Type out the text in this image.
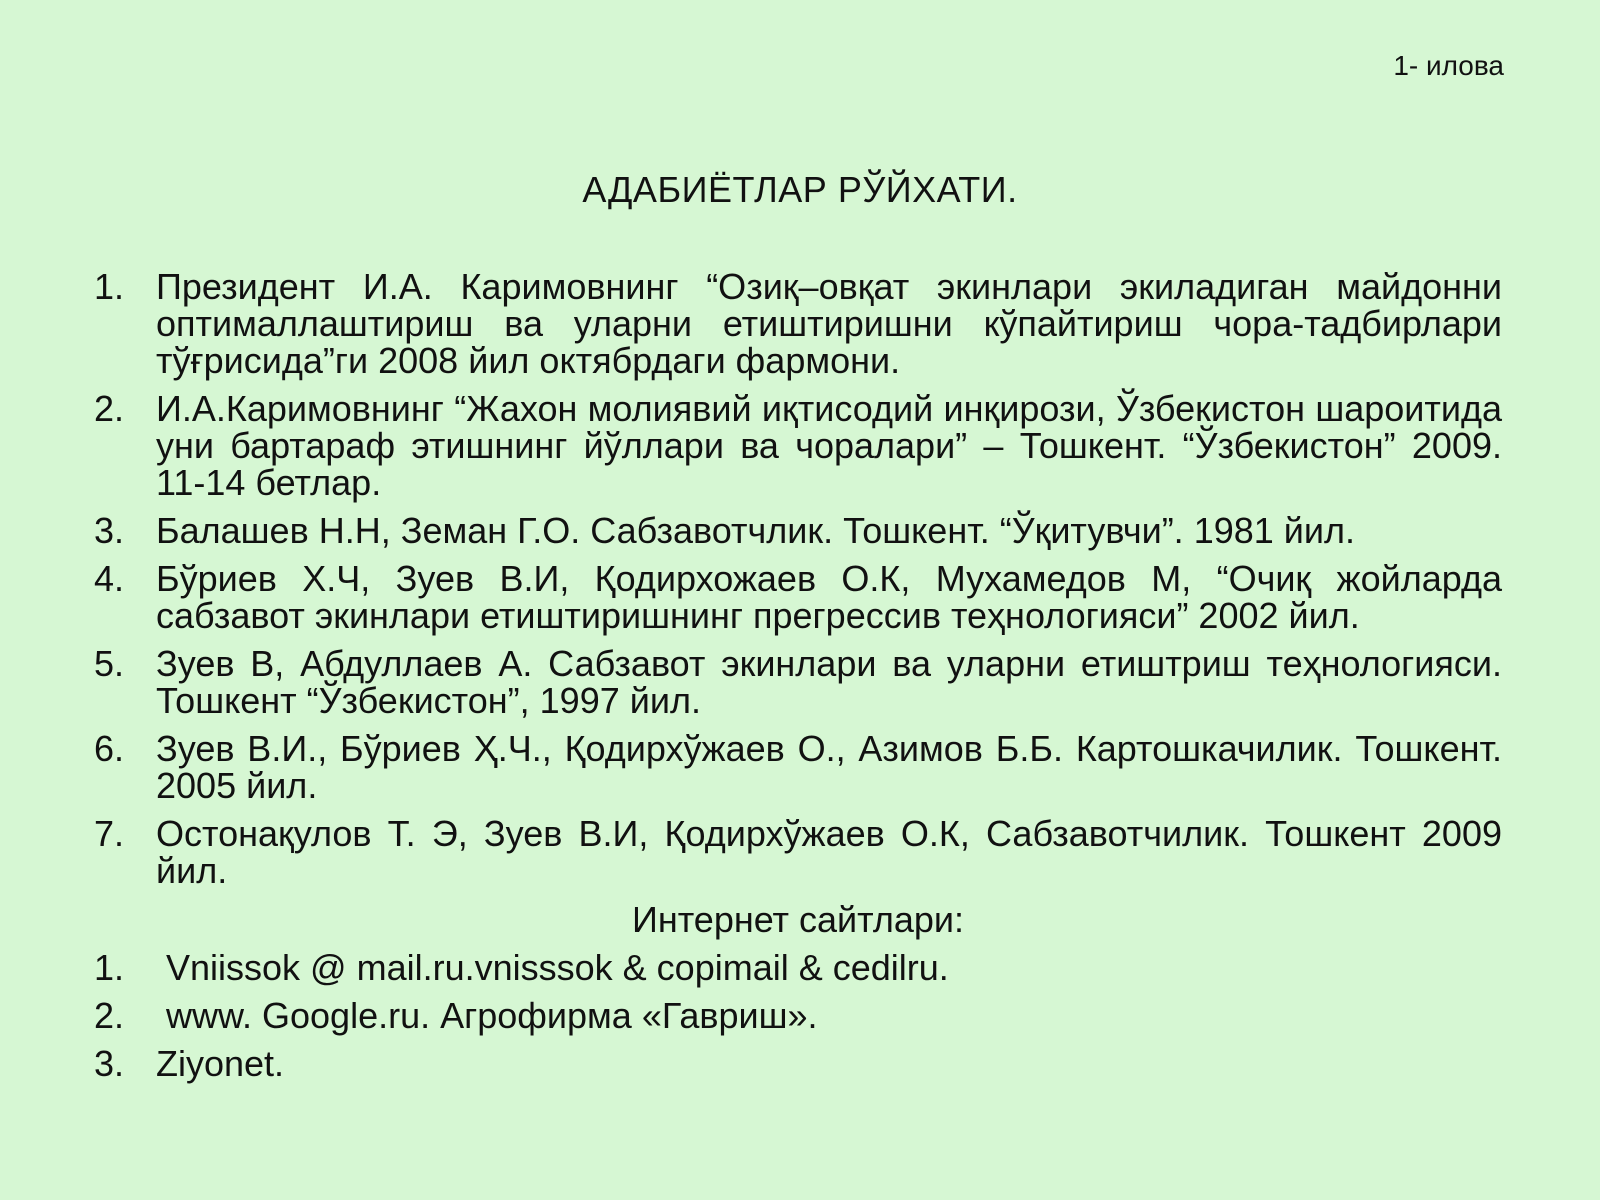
1- илова
АДАБИЁТЛАР РЎЙХАТИ.
1. Президент И.А. Каримовнинг “Озиқ–овқат экинлари экиладиган майдонни оптималлаштириш ва уларни етиштиришни кўпайтириш чора-тадбирлари тўғрисида”ги 2008 йил октябрдаги фармони.
2. И.А.Каримовнинг “Жахон молиявий иқтисодий инқирози, Ўзбекистон шароитида уни бартараф этишнинг йўллари ва чоралари” – Тошкент. “Ўзбекистон” 2009. 11-14 бетлар.
3. Балашев Н.Н, Земан Г.О. Сабзавотчлик. Тошкент. “Ўқитувчи”. 1981 йил.
4. Бўриев Х.Ч, Зуев В.И, Қодирхожаев О.К, Мухамедов М, “Очиқ жойларда сабзавот экинлари етиштиришнинг прегрессив теҳнологияси” 2002 йил.
5. Зуев В, Абдуллаев А. Сабзавот экинлари ва уларни етиштриш теҳнологияси. Тошкент “Ўзбекистон”, 1997 йил.
6. Зуев В.И., Бўриев Ҳ.Ч., Қодирхўжаев О., Азимов Б.Б. Картошкачилик. Тошкент. 2005 йил.
7. Остонақулов Т. Э, Зуев В.И, Қодирхўжаев О.К, Сабзавотчилик. Тошкент 2009 йил.
Интернет сайтлари:
1.	Vniissok @ mail.ru.vnisssok & copimail & cedilru.
2.	www. Google.ru. Агрофирма «Гавриш».
3. Ziyonet.
